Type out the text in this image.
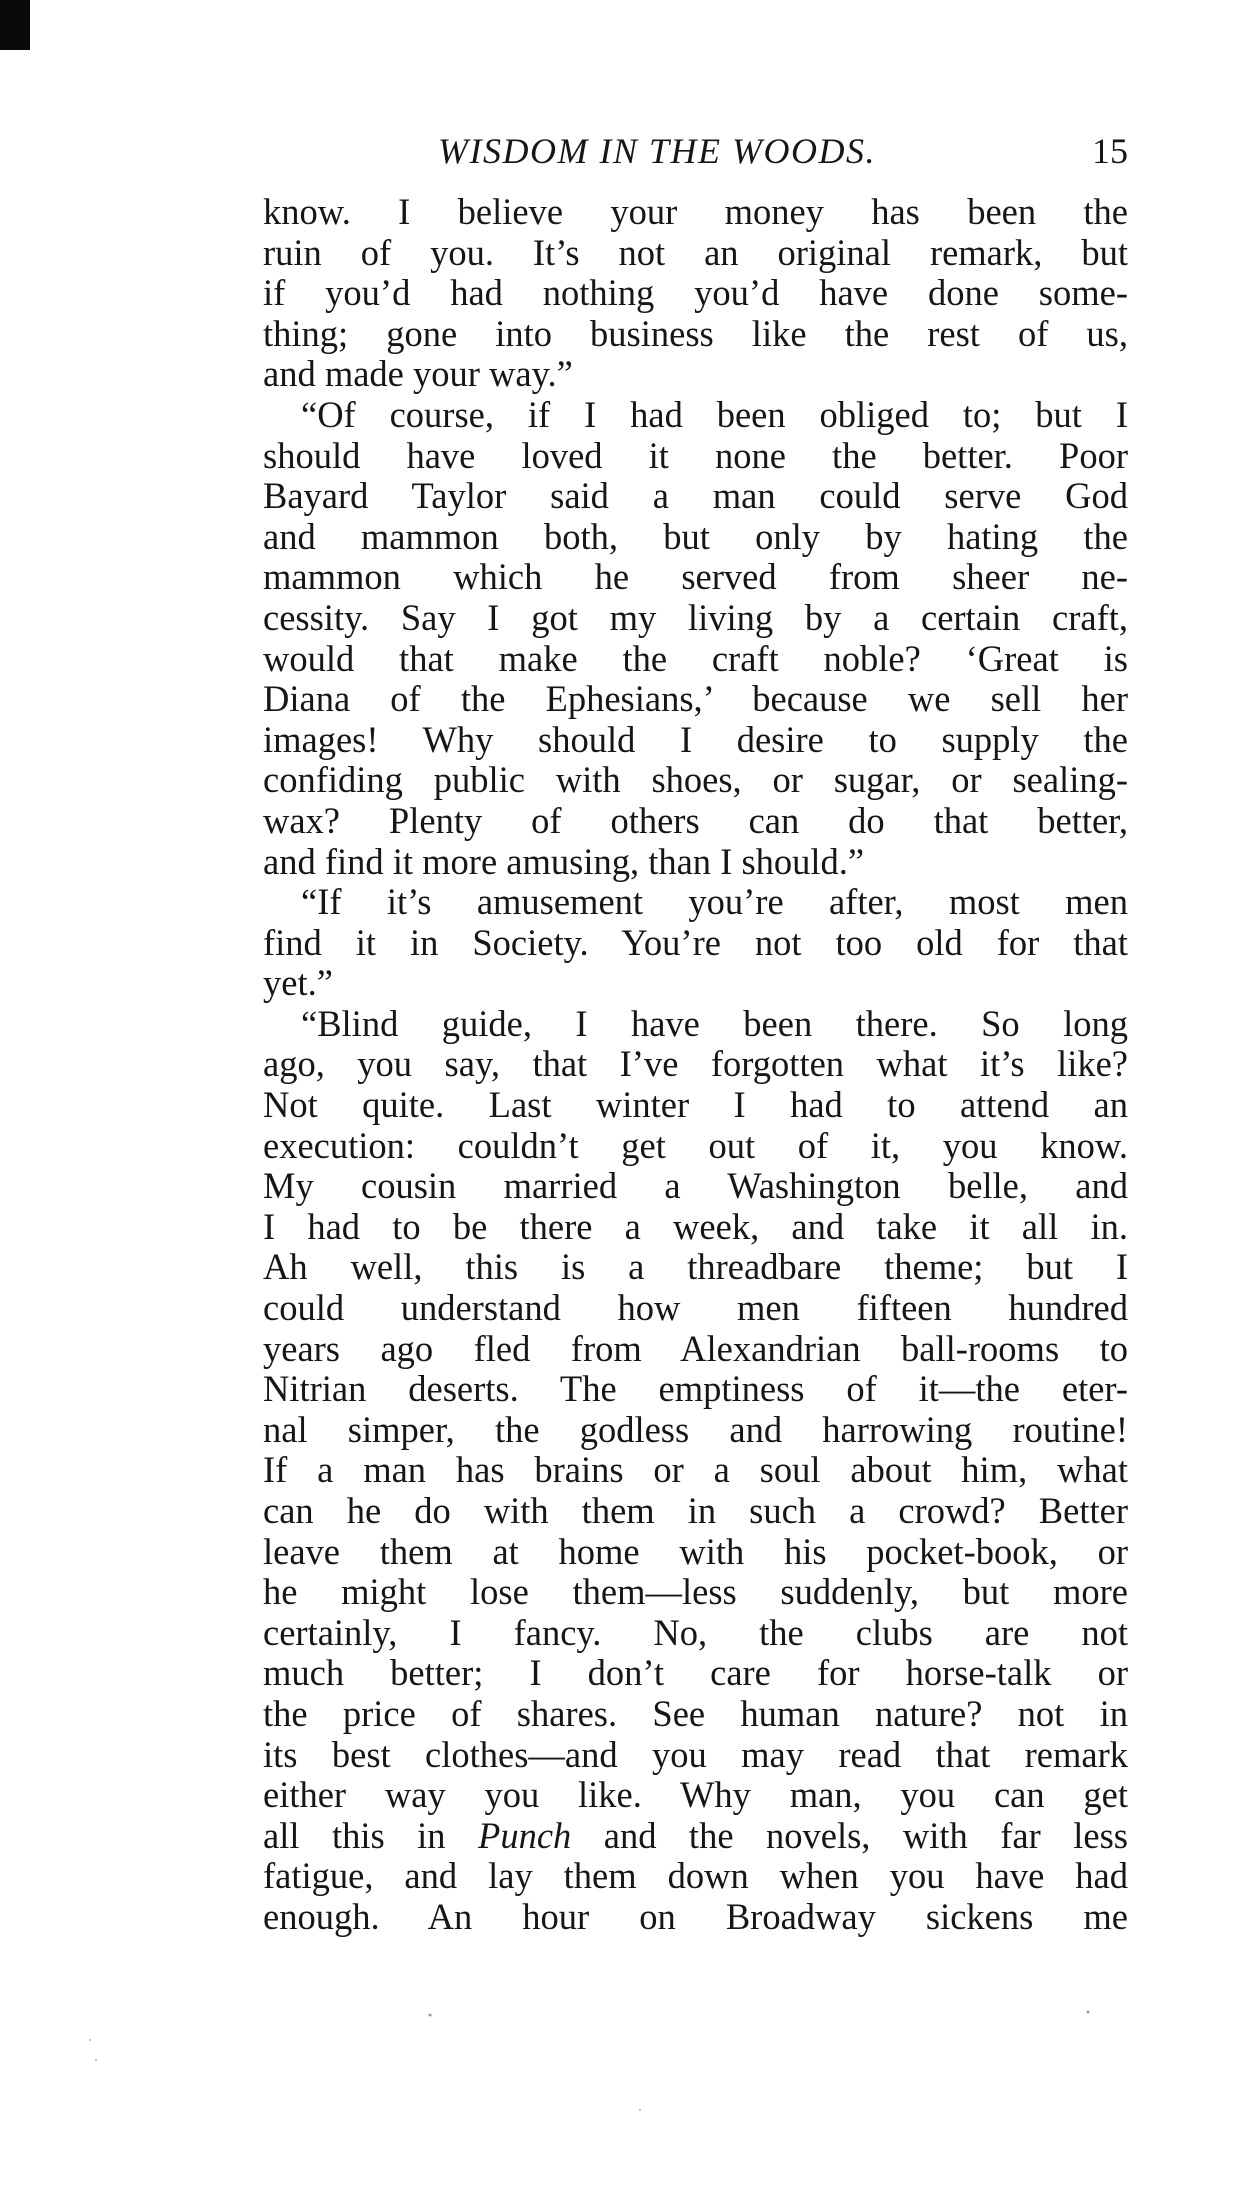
WISDOM IN THE WOODS.	15
know. I believe your money has been the
ruin of you. It’s not an original remark, but
if you’d had nothing you’d have done some-
thing; gone into business like the rest of us,
and made your way.”
“Of course, if I had been obliged to; but I
should have loved it none the better. Poor
Bayard Taylor said a man could serve God
and mammon both, but only by hating the
mammon which he served from sheer ne-
cessity. Say I got my living by a certain craft,
would that make the craft noble? ‘Great is
Diana of the Ephesians,’ because we sell her
images! Why should I desire to supply the
confiding public with shoes, or sugar, or sealing-
wax? Plenty of others can do that better,
and find it more amusing, than I should.”
“If it’s amusement you’re after, most men
find it in Society. You’re not too old for that
yet.”
“Blind guide, I have been there. So long
ago, you say, that I’ve forgotten what it’s like?
Not quite. Last winter I had to attend an
execution: couldn’t get out of it, you know.
My cousin married a Washington belle, and
I had to be there a week, and take it all in.
Ah well, this is a threadbare theme; but I
could understand how men fifteen hundred
years ago fled from Alexandrian ball-rooms to
Nitrian deserts. The emptiness of it—the eter-
nal simper, the godless and harrowing routine!
If a man has brains or a soul about him, what
can he do with them in such a crowd? Better
leave them at home with his pocket-book, or
he might lose them—less suddenly, but more
certainly, I fancy. No, the clubs are not
much better; I don’t care for horse-talk or
the price of shares. See human nature? not in
its best clothes—and you may read that remark
either way you like. Why man, you can get
all this in Punch and the novels, with far less
fatigue, and lay them down when you have had
enough. An hour on Broadway sickens me
